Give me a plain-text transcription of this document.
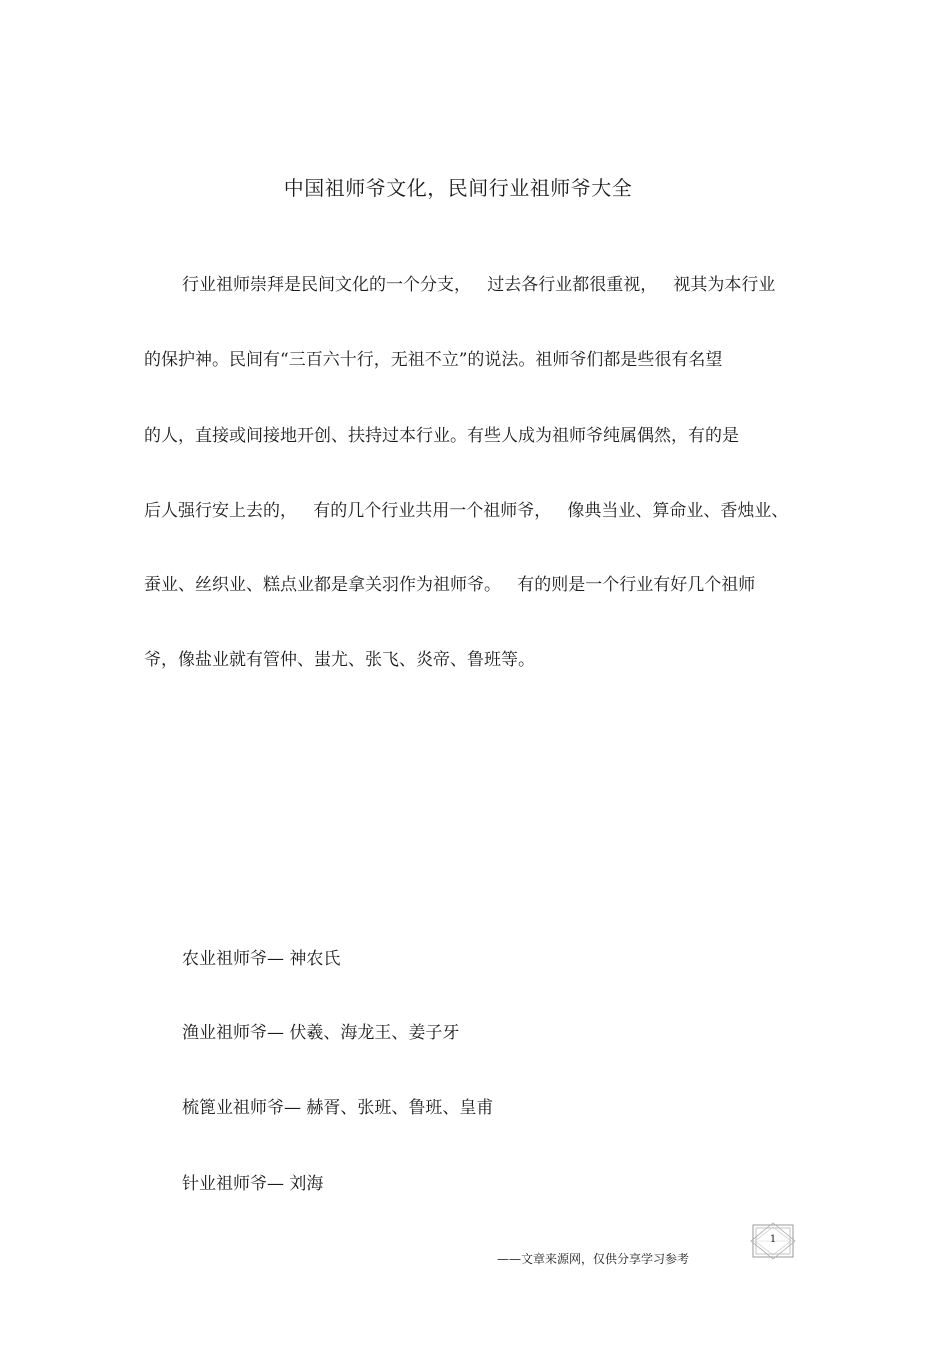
中国祖师爷文化，民间行业祖师爷大全
行业祖师崇拜是民间文化的一个分支，   过去各行业都很重视，   视其为本行业
的保护神。民间有“三百六十行，无祖不立”的说法。祖师爷们都是些很有名望
的人，直接或间接地开创、扶持过本行业。有些人成为祖师爷纯属偶然，有的是
后人强行安上去的，   有的几个行业共用一个祖师爷，   像典当业、算命业、香烛业、
蚕业、丝织业、糕点业都是拿关羽作为祖师爷。   有的则是一个行业有好几个祖师
爷，像盐业就有管仲、蚩尤、张飞、炎帝、鲁班等。
农业祖师爷— 神农氏
渔业祖师爷— 伏羲、海龙王、姜子牙
梳篦业祖师爷— 赫胥、张班、鲁班、皇甫
针业祖师爷— 刘海
——文章来源网，仅供分享学习参考
1
